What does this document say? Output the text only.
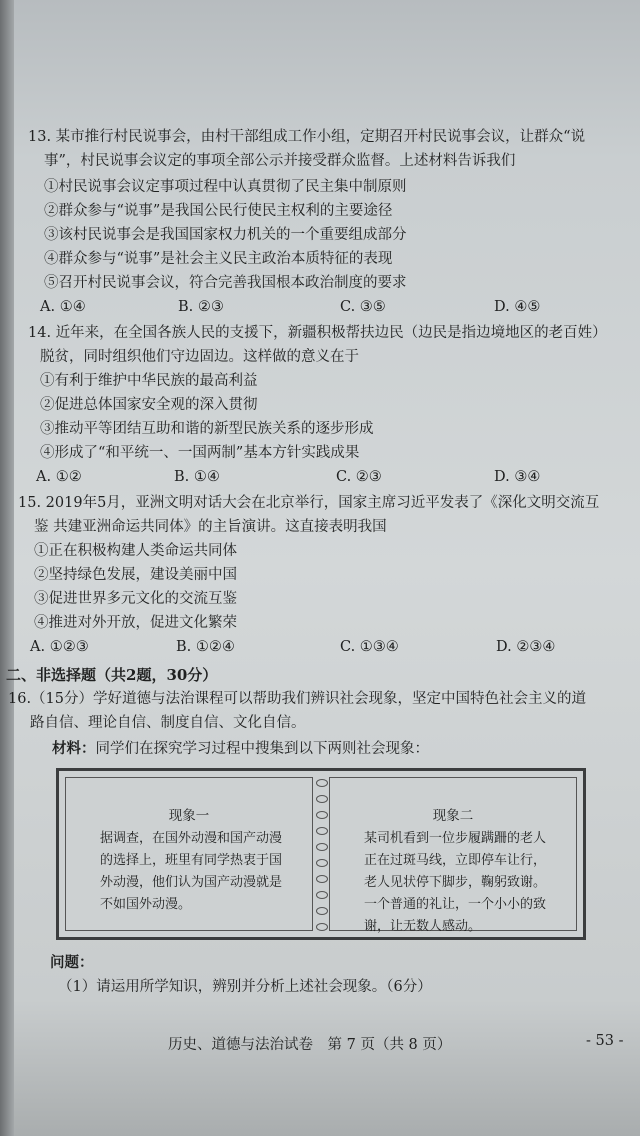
13. 某市推行村民说事会，由村干部组成工作小组，定期召开村民说事会议，让群众“说
事”，村民说事会议定的事项全部公示并接受群众监督。上述材料告诉我们
①村民说事会议定事项过程中认真贯彻了民主集中制原则
②群众参与“说事”是我国公民行使民主权利的主要途径
③该村民说事会是我国国家权力机关的一个重要组成部分
④群众参与“说事”是社会主义民主政治本质特征的表现
⑤召开村民说事会议，符合完善我国根本政治制度的要求
A. ①④	B. ②③	C. ③⑤	D. ④⑤
14. 近年来，在全国各族人民的支援下，新疆积极帮扶边民（边民是指边境地区的老百姓）
脱贫，同时组织他们守边固边。这样做的意义在于
①有利于维护中华民族的最高利益
②促进总体国家安全观的深入贯彻
③推动平等团结互助和谐的新型民族关系的逐步形成
④形成了“和平统一、一国两制”基本方针实践成果
A. ①②	B. ①④	C. ②③	D. ③④
15. 2019年5月，亚洲文明对话大会在北京举行，国家主席习近平发表了《深化文明交流互
鉴 共建亚洲命运共同体》的主旨演讲。这直接表明我国
①正在积极构建人类命运共同体
②坚持绿色发展，建设美丽中国
③促进世界多元文化的交流互鉴
④推进对外开放，促进文化繁荣
A. ①②③	B. ①②④	C. ①③④	D. ②③④
二、非选择题（共2题，30分）
16.（15分）学好道德与法治课程可以帮助我们辨识社会现象，坚定中国特色社会主义的道
路自信、理论自信、制度自信、文化自信。
材料：同学们在探究学习过程中搜集到以下两则社会现象：
现象一
据调查，在国外动漫和国产动漫的选择上，班里有同学热衷于国外动漫，他们认为国产动漫就是不如国外动漫。
现象二
某司机看到一位步履蹒跚的老人正在过斑马线，立即停车让行，老人见状停下脚步，鞠躬致谢。一个普通的礼让，一个小小的致谢，让无数人感动。
问题：
（1）请运用所学知识，辨别并分析上述社会现象。（6分）
历史、道德与法治试卷　第 7 页（共 8 页）	- 53 -
